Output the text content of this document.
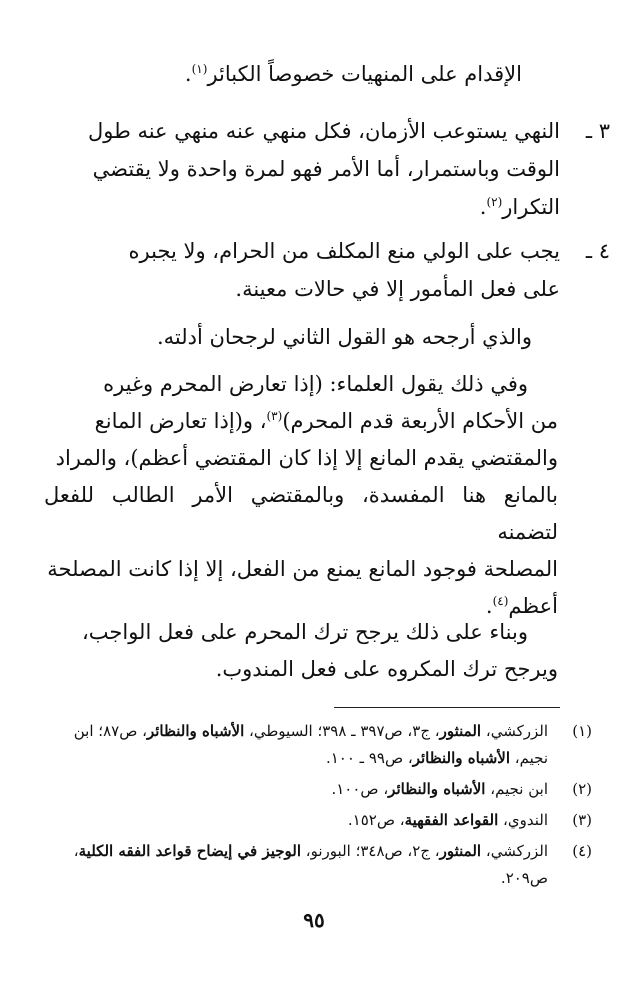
الإقدام على المنهيات خصوصاً الكبائر$^{(١)}$.
٣ ـ
النهي يستوعب الأزمان، فكل منهي عنه منهي عنه طول
الوقت وباستمرار، أما الأمر فهو لمرة واحدة ولا يقتضي
التكرار$^{(٢)}$.
٤ ـ
يجب على الولي منع المكلف من الحرام، ولا يجبره
على فعل المأمور إلا في حالات معينة.
والذي أرجحه هو القول الثاني لرجحان أدلته.
وفي ذلك يقول العلماء: (إذا تعارض المحرم وغيره
من الأحكام الأربعة قدم المحرم)$^{(٣)}$، و(إذا تعارض المانع
والمقتضي يقدم المانع إلا إذا كان المقتضي أعظم)، والمراد
بالمانع هنا المفسدة، وبالمقتضي الأمر الطالب للفعل لتضمنه
المصلحة فوجود المانع يمنع من الفعل، إلا إذا كانت المصلحة
أعظم$^{(٤)}$.
وبناء على ذلك يرجح ترك المحرم على فعل الواجب،
ويرجح ترك المكروه على فعل المندوب.
(١)
الزركشي، المنثور، ج٣، ص٣٩٧ ـ ٣٩٨؛ السيوطي، الأشباه والنظائر، ص٨٧؛ ابن نجيم، الأشباه والنظائر، ص٩٩ ـ ١٠٠.
(٢)
ابن نجيم، الأشباه والنظائر، ص١٠٠.
(٣)
الندوي، القواعد الفقهية، ص١٥٢.
(٤)
الزركشي، المنثور، ج٢، ص٣٤٨؛ البورنو، الوجيز في إيضاح قواعد الفقه الكلية، ص٢٠٩.
٩٥
